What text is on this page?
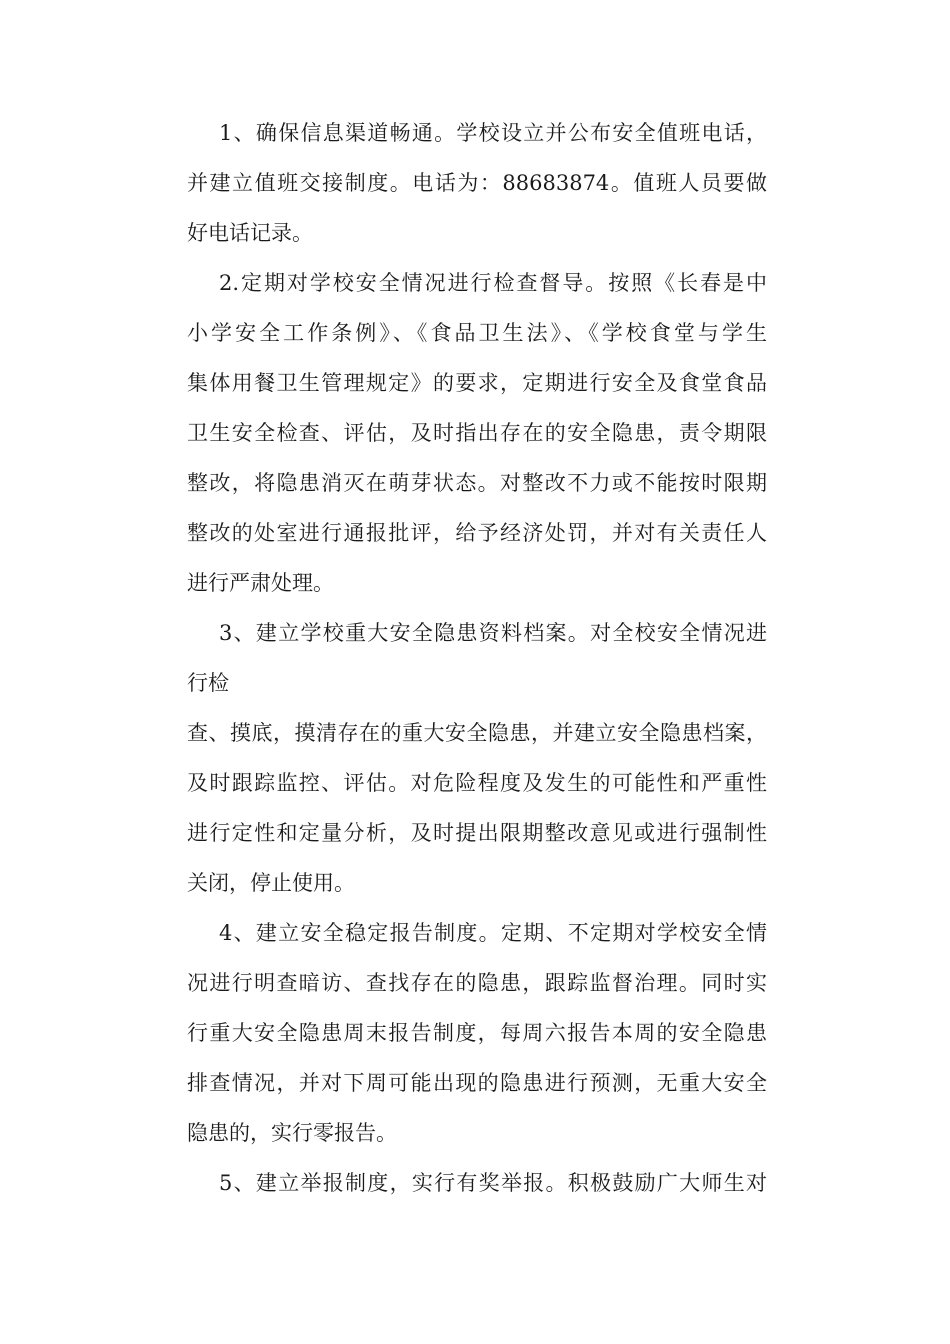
1、确保信息渠道畅通。学校设立并公布安全值班电话，
并建立值班交接制度。电话为：88683874。值班人员要做
好电话记录。
2.定期对学校安全情况进行检查督导。按照《长春是中
小学安全工作条例》、《食品卫生法》、《学校食堂与学生
集体用餐卫生管理规定》的要求，定期进行安全及食堂食品
卫生安全检查、评估，及时指出存在的安全隐患，责令期限
整改，将隐患消灭在萌芽状态。对整改不力或不能按时限期
整改的处室进行通报批评，给予经济处罚，并对有关责任人
进行严肃处理。
3、建立学校重大安全隐患资料档案。对全校安全情况进
行检
查、摸底，摸清存在的重大安全隐患，并建立安全隐患档案，
及时跟踪监控、评估。对危险程度及发生的可能性和严重性
进行定性和定量分析，及时提出限期整改意见或进行强制性
关闭，停止使用。
4、建立安全稳定报告制度。定期、不定期对学校安全情
况进行明查暗访、查找存在的隐患，跟踪监督治理。同时实
行重大安全隐患周末报告制度，每周六报告本周的安全隐患
排查情况，并对下周可能出现的隐患进行预测，无重大安全
隐患的，实行零报告。
5、建立举报制度，实行有奖举报。积极鼓励广大师生对
